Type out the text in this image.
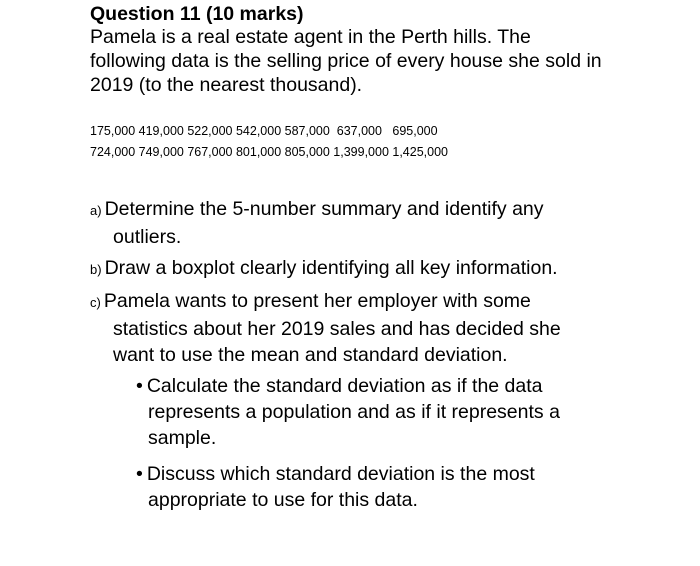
Question 11 (10 marks)
Pamela is a real estate agent in the Perth hills. The
following data is the selling price of every house she sold in
2019 (to the nearest thousand).
175,000 419,000 522,000 542,000 587,000  637,000   695,000
724,000 749,000 767,000 801,000 805,000 1,399,000 1,425,000
a) Determine the 5-number summary and identify any
outliers.
b) Draw a boxplot clearly identifying all key information.
c) Pamela wants to present her employer with some
statistics about her 2019 sales and has decided she
want to use the mean and standard deviation.
• Calculate the standard deviation as if the data
represents a population and as if it represents a
sample.
• Discuss which standard deviation is the most
appropriate to use for this data.
